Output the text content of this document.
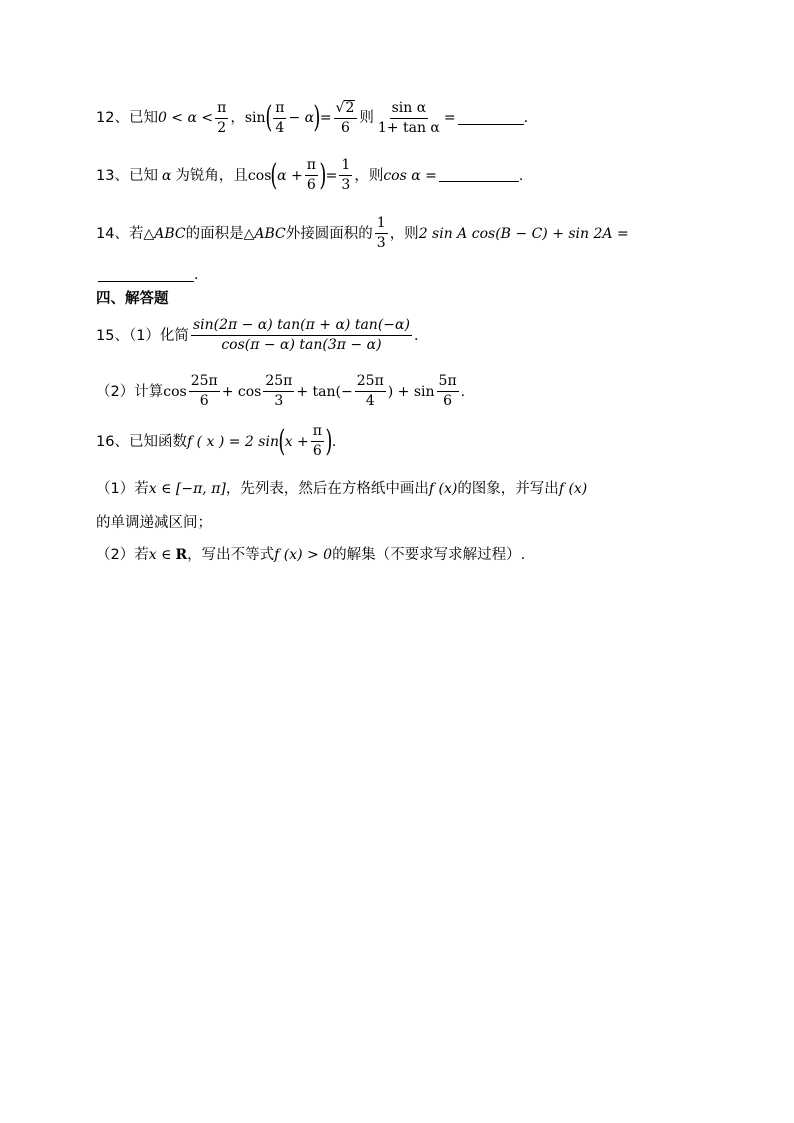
12、已知 $0 < \alpha < \frac{\pi}{2}$ ， sin ( $\frac{\pi}{4} - \alpha$ ) = $\frac{√ 2}{6}$ 则 $\frac{\text{sin α}}{\text{1+ tan α}}$ =	.
13、已知 α 为锐角，且 cos ( $\alpha + \frac{\pi}{6}$ ) = $\frac{1}{3}$ ，则 cos α =	.
14、若 △ ABC 的面积是 △ ABC 外接圆面积的 $\frac{1}{3}$ ，则 2 sin A cos(B − C) + sin 2A =
.
四、解答题
15、（1）化简 $\frac{\sin(2\pi - \alpha) \tan(\pi + \alpha) \tan(-\alpha)}{\cos(\pi - \alpha) \tan(3\pi - \alpha)}$ .
（2）计算 $\cos \frac{25\pi}{6} + \cos \frac{25\pi}{3} + \tan(- \frac{25\pi}{4}$ ) + $\sin \frac{5\pi}{6}$ .
16、已知函数 f ( x ) = 2 sin ( $x + \frac{\pi}{6}$ ) .
（1）若 x ∈ [−π, π] ，先列表，然后在方格纸中画出 f (x) 的图象，并写出 f (x)
的单调递减区间；
（2）若 x ∈ R ，写出不等式 f (x) > 0 的解集（不要求写求解过程）.
